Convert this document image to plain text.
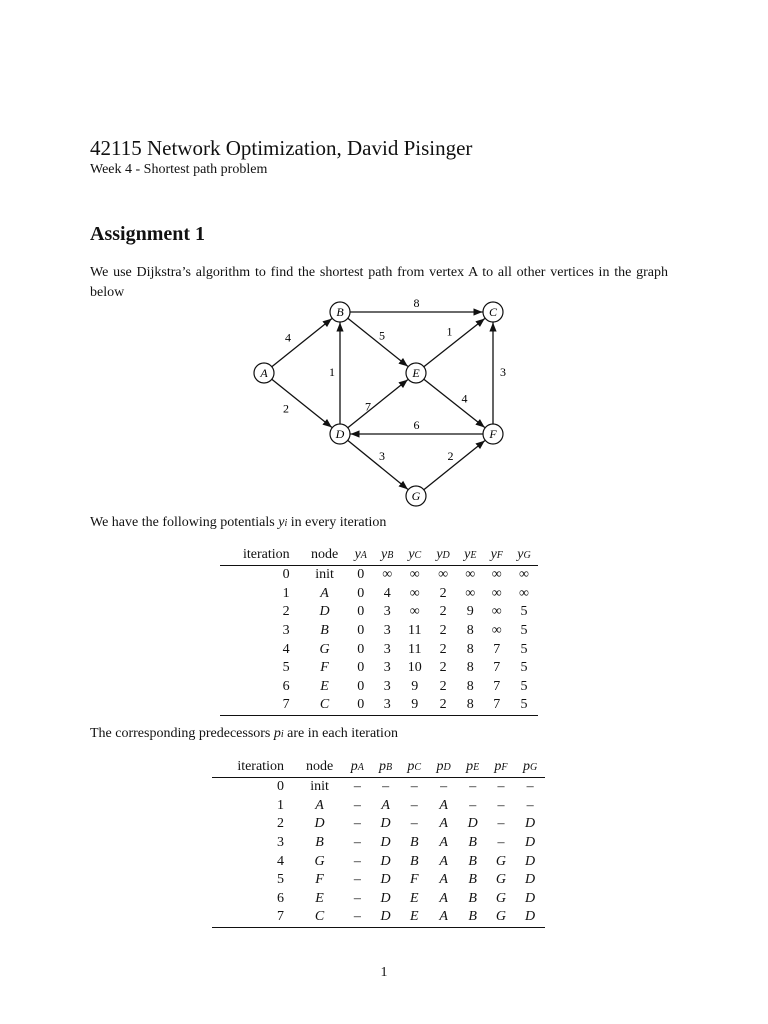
42115 Network Optimization, David Pisinger
Week 4 - Shortest path problem
Assignment 1
We use Dijkstra’s algorithm to find the shortest path from vertex A to all other vertices in the graph below
4
2
8
5
1
7
1
4
3
6
3	2
A
B	C
D
E
F
G
We have the following potentials yi in every iteration
iteration	node	yA	yB	yC	yD	yE	yF	yG
0	init	0	∞	∞	∞	∞	∞	∞
1	A	0	4	∞	2	∞	∞	∞
2	D	0	3	∞	2	9	∞	5
3	B	0	3	11	2	8	∞	5
4	G	0	3	11	2	8	7	5
5	F	0	3	10	2	8	7	5
6	E	0	3	9	2	8	7	5
7	C	0	3	9	2	8	7	5
The corresponding predecessors pi are in each iteration
iteration	node	pA	pB	pC	pD	pE	pF	pG
0	init	–	–	–	–	–	–	–
1	A	–	A	–	A	–	–	–
2	D	–	D	–	A	D	–	D
3	B	–	D	B	A	B	–	D
4	G	–	D	B	A	B	G	D
5	F	–	D	F	A	B	G	D
6	E	–	D	E	A	B	G	D
7	C	–	D	E	A	B	G	D
1
